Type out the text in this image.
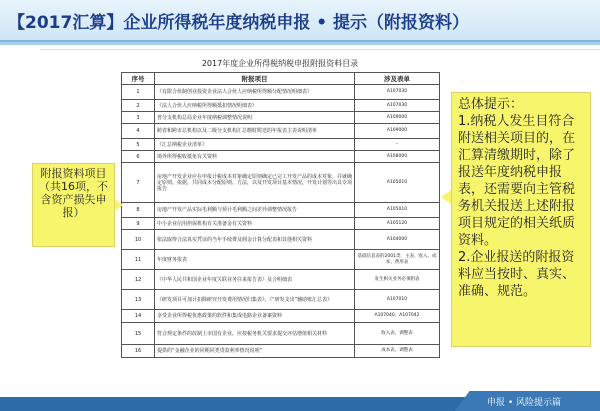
【2017汇算】企业所得税年度纳税申报 • 提示（附报资料）
2017年度企业所得税纳税申报附报资料目录
序号	附报项目	涉及表单
1	《有限合伙制创业投资企业法人合伙人应纳税所得额分配情况明细表》	A107030
2	《法人合伙人应纳税所得额抵扣情况明细表》	A107030
3	普分支机构总局企业年度纳税调整情况说明	A109000
4	跨省和跨市总机构以及二级分支机构汇总缴时附送的年报表主表说明清单	A109000
5	《汇总纳税企业清单》	–
6	境外所得税收抵免有关资料	A108000
7	房地产开发企业应在申报计税成本对象确定原则确定已完工开发产品的成本对象，并就确定原则、依据，共同成本分配原则、方法，以及开发项目基本情况、开发计划等出具专项报告	A105010
8	房地产开发产品实际毛利额与预计毛利额之间差异调整情况报告	A105010
9	中小企业信用担保机构有关准备金有关资料	A105120
10	依法取得合法真实凭证的当年手续费及佣金计算分配表和其他相关资料	A104000
11	年度财务报表	基础信息表的2001类：主表、收入、成本、费用表
12	《中华人民共和国企业年度关联业务往来报告表》及合明细表	发生相关业务必须附表
13	《研发项目可加计扣除研究开发费用情况归集表》、《“研发支出”辅助账汇总表》	A107010
14	享受企业所得税优惠政策的软件和集成电路企业备案资料	A107040、A107042
15	符合规定条件的改制上市国有企业，应按税务机关要求提交评估增值相关材料	收入表、调整表
16	提供的“金融企业的同期同类贷款利率情况说明”	成本表、调整表
附报资料项目（共16项，不含资产损失申报）
总体提示：
1.纳税人发生目符合附送相关项目的，在汇算清缴期时，除了报送年度纳税申报表，还需要向主管税务机关报送上述附报项目规定的相关纸质资料。
2.企业报送的附报资料应当按时、真实、准确、规范。
申报 • 风险提示篇
